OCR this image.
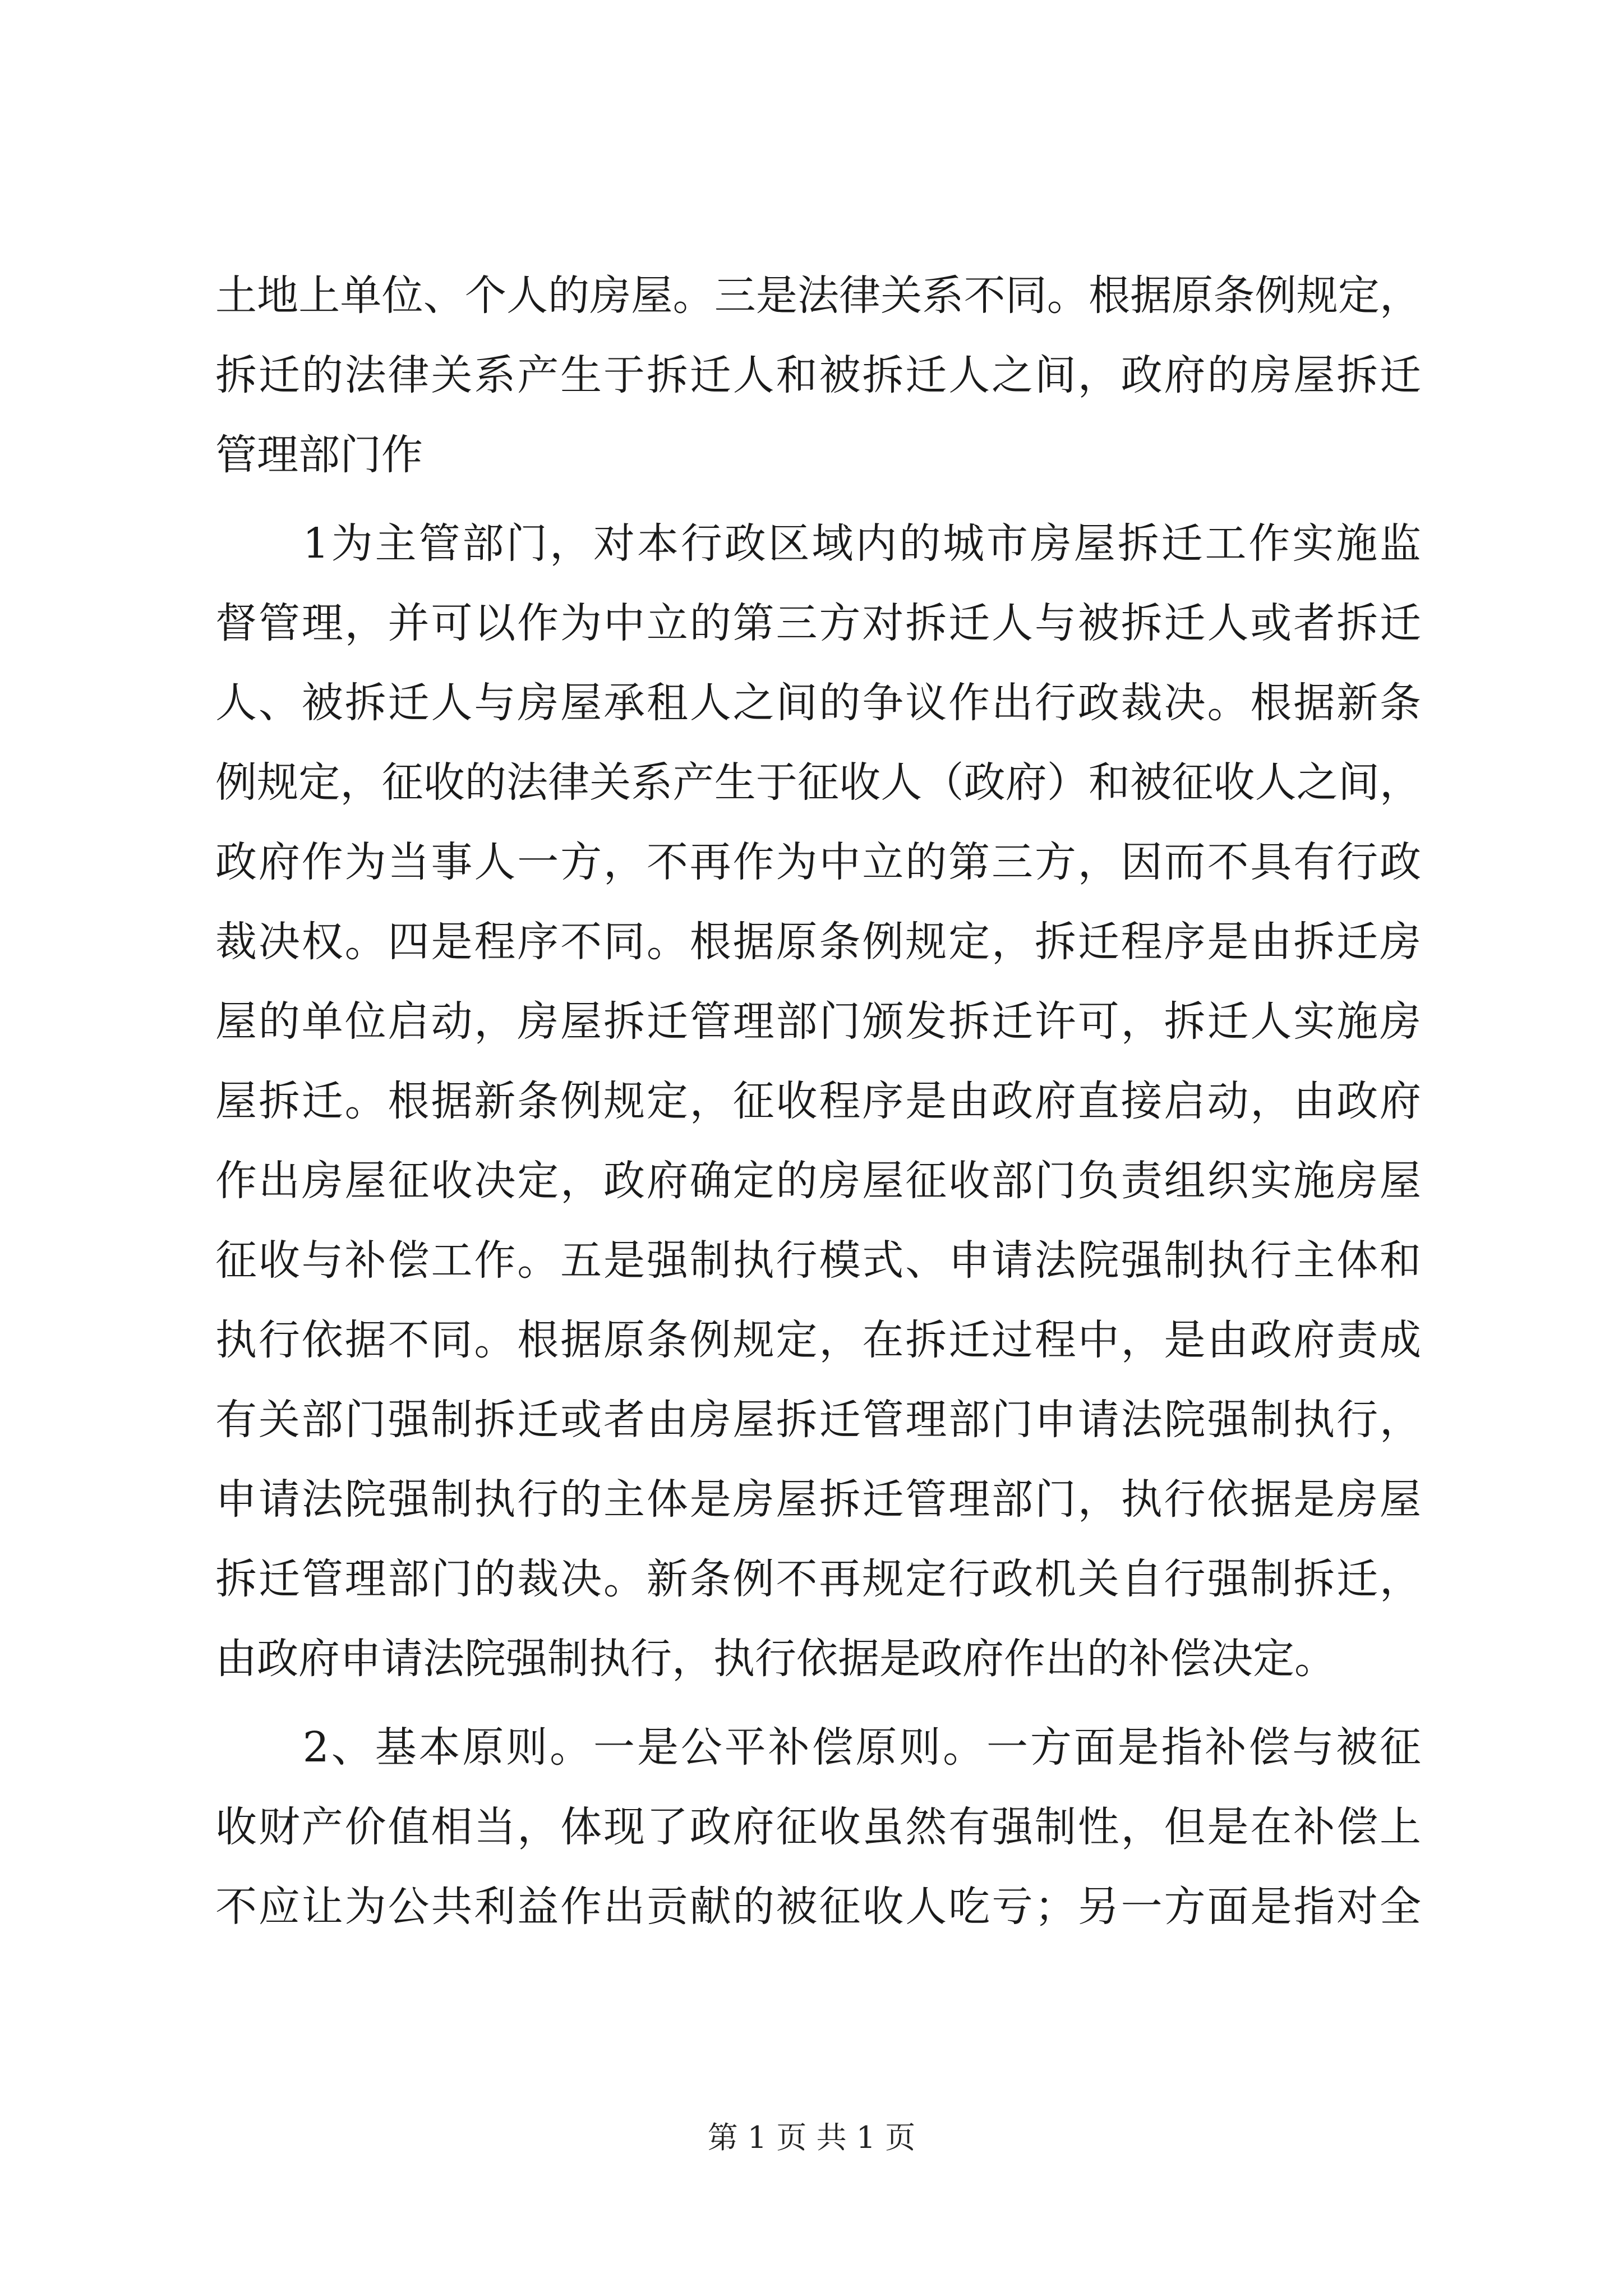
土地上单位、个人的房屋。三是法律关系不同。根据原条例规定，
拆迁的法律关系产生于拆迁人和被拆迁人之间，政府的房屋拆迁
管理部门作
　　1为主管部门，对本行政区域内的城市房屋拆迁工作实施监
督管理，并可以作为中立的第三方对拆迁人与被拆迁人或者拆迁
人、被拆迁人与房屋承租人之间的争议作出行政裁决。根据新条
例规定，征收的法律关系产生于征收人（政府）和被征收人之间，
政府作为当事人一方，不再作为中立的第三方，因而不具有行政
裁决权。四是程序不同。根据原条例规定，拆迁程序是由拆迁房
屋的单位启动，房屋拆迁管理部门颁发拆迁许可，拆迁人实施房
屋拆迁。根据新条例规定，征收程序是由政府直接启动，由政府
作出房屋征收决定，政府确定的房屋征收部门负责组织实施房屋
征收与补偿工作。五是强制执行模式、申请法院强制执行主体和
执行依据不同。根据原条例规定，在拆迁过程中，是由政府责成
有关部门强制拆迁或者由房屋拆迁管理部门申请法院强制执行，
申请法院强制执行的主体是房屋拆迁管理部门，执行依据是房屋
拆迁管理部门的裁决。新条例不再规定行政机关自行强制拆迁，
由政府申请法院强制执行，执行依据是政府作出的补偿决定。
　　2、基本原则。一是公平补偿原则。一方面是指补偿与被征
收财产价值相当，体现了政府征收虽然有强制性，但是在补偿上
不应让为公共利益作出贡献的被征收人吃亏；另一方面是指对全
第 1 页 共 1 页
